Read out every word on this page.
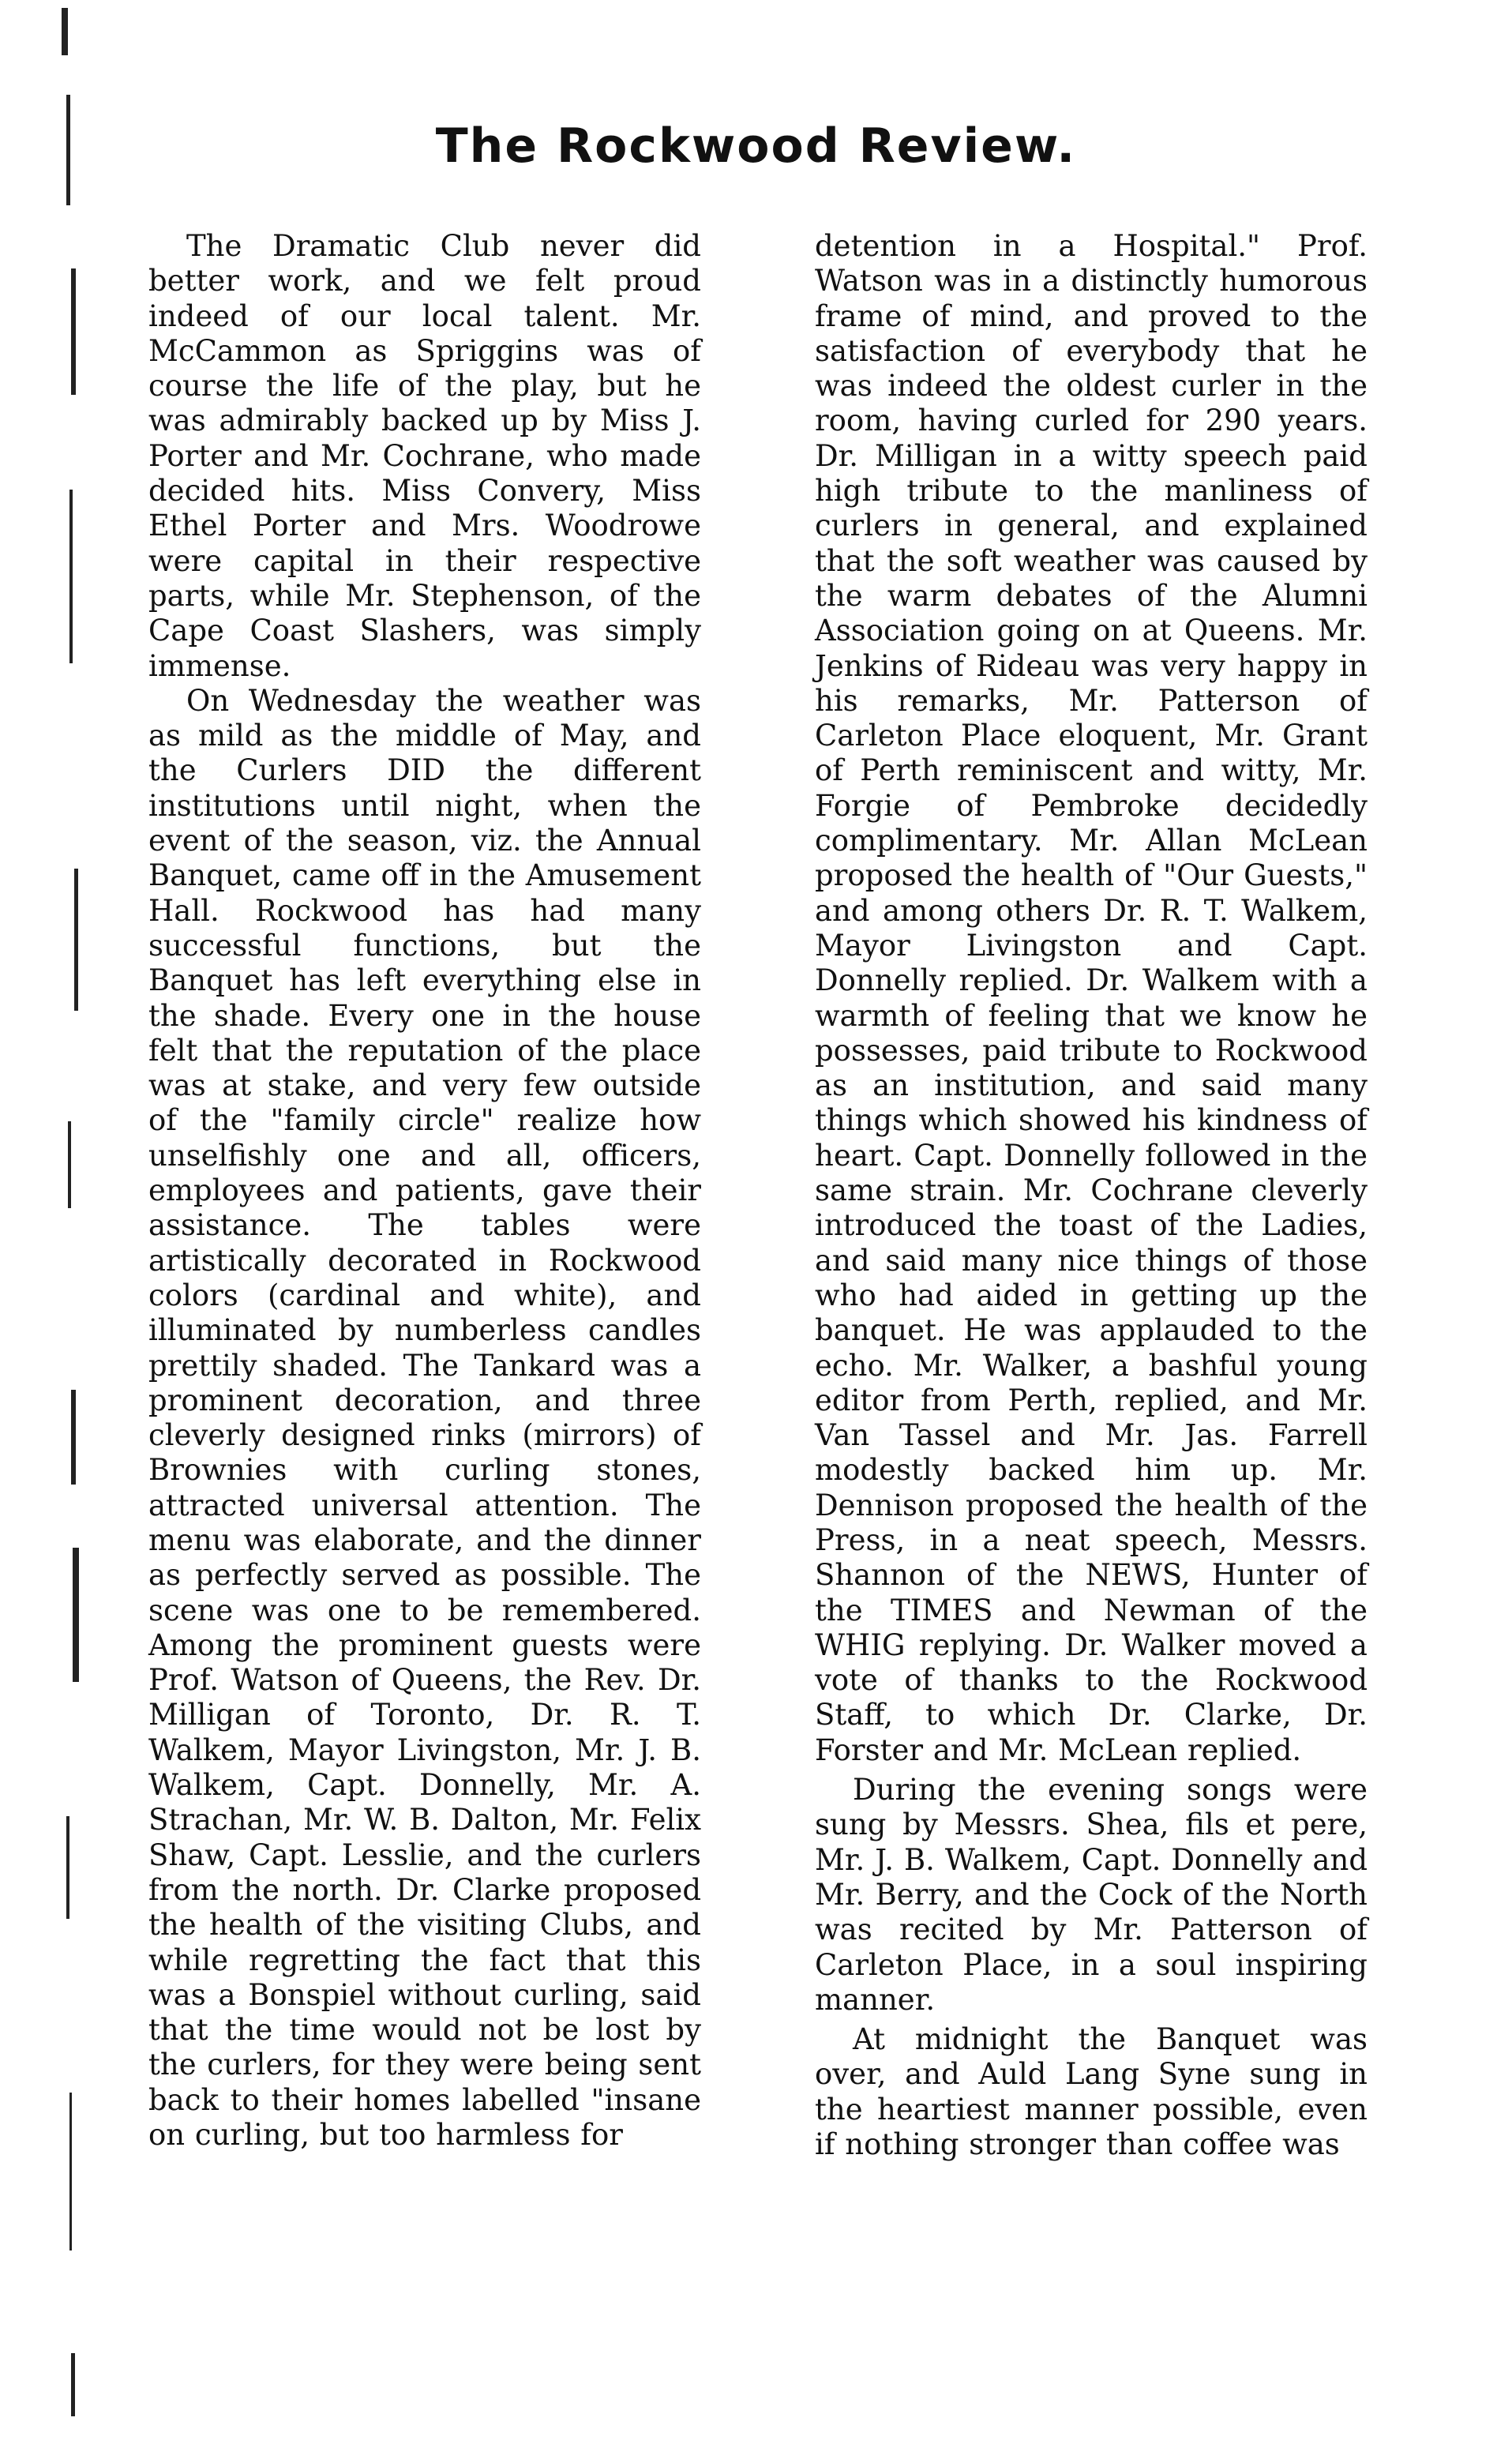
The Rockwood Review.

The Dramatic Club never did better work, and we felt proud indeed of our local talent. Mr. McCammon as Spriggins was of course the life of the play, but he was admirably backed up by Miss J. Porter and Mr. Cochrane, who made decided hits. Miss Convery, Miss Ethel Porter and Mrs. Woodrowe were capital in their respective parts, while Mr. Stephenson, of the Cape Coast Slashers, was simply immense.

On Wednesday the weather was as mild as the middle of May, and the Curlers DID the different institutions until night, when the event of the season, viz. the Annual Banquet, came off in the Amusement Hall. Rockwood has had many successful functions, but the Banquet has left everything else in the shade. Every one in the house felt that the reputation of the place was at stake, and very few outside of the "family circle" realize how unselfishly one and all, officers, employees and patients, gave their assistance. The tables were artistically decorated in Rockwood colors (cardinal and white), and illuminated by numberless candles prettily shaded. The Tankard was a prominent decoration, and three cleverly designed rinks (mirrors) of Brownies with curling stones, attracted universal attention. The menu was elaborate, and the dinner as perfectly served as possible. The scene was one to be remembered. Among the prominent guests were Prof. Watson of Queens, the Rev. Dr. Milligan of Toronto, Dr. R. T. Walkem, Mayor Livingston, Mr. J. B. Walkem, Capt. Donnelly, Mr. A. Strachan, Mr. W. B. Dalton, Mr. Felix Shaw, Capt. Lesslie, and the curlers from the north. Dr. Clarke proposed the health of the visiting Clubs, and while regretting the fact that this was a Bonspiel without curling, said that the time would not be lost by the curlers, for they were being sent back to their homes labelled "insane on curling, but too harmless for

detention in a Hospital." Prof. Watson was in a distinctly humorous frame of mind, and proved to the satisfaction of everybody that he was indeed the oldest curler in the room, having curled for 290 years. Dr. Milligan in a witty speech paid high tribute to the manliness of curlers in general, and explained that the soft weather was caused by the warm debates of the Alumni Association going on at Queens. Mr. Jenkins of Rideau was very happy in his remarks, Mr. Patterson of Carleton Place eloquent, Mr. Grant of Perth reminiscent and witty, Mr. Forgie of Pembroke decidedly complimentary. Mr. Allan McLean proposed the health of "Our Guests," and among others Dr. R. T. Walkem, Mayor Livingston and Capt. Donnelly replied. Dr. Walkem with a warmth of feeling that we know he possesses, paid tribute to Rockwood as an institution, and said many things which showed his kindness of heart. Capt. Donnelly followed in the same strain. Mr. Cochrane cleverly introduced the toast of the Ladies, and said many nice things of those who had aided in getting up the banquet. He was applauded to the echo. Mr. Walker, a bashful young editor from Perth, replied, and Mr. Van Tassel and Mr. Jas. Farrell modestly backed him up. Mr. Dennison proposed the health of the Press, in a neat speech, Messrs. Shannon of the NEWS, Hunter of the TIMES and Newman of the WHIG replying. Dr. Walker moved a vote of thanks to the Rockwood Staff, to which Dr. Clarke, Dr. Forster and Mr. McLean replied.

During the evening songs were sung by Messrs. Shea, fils et pere, Mr. J. B. Walkem, Capt. Donnelly and Mr. Berry, and the Cock of the North was recited by Mr. Patterson of Carleton Place, in a soul inspiring manner.

At midnight the Banquet was over, and Auld Lang Syne sung in the heartiest manner possible, even if nothing stronger than coffee was
